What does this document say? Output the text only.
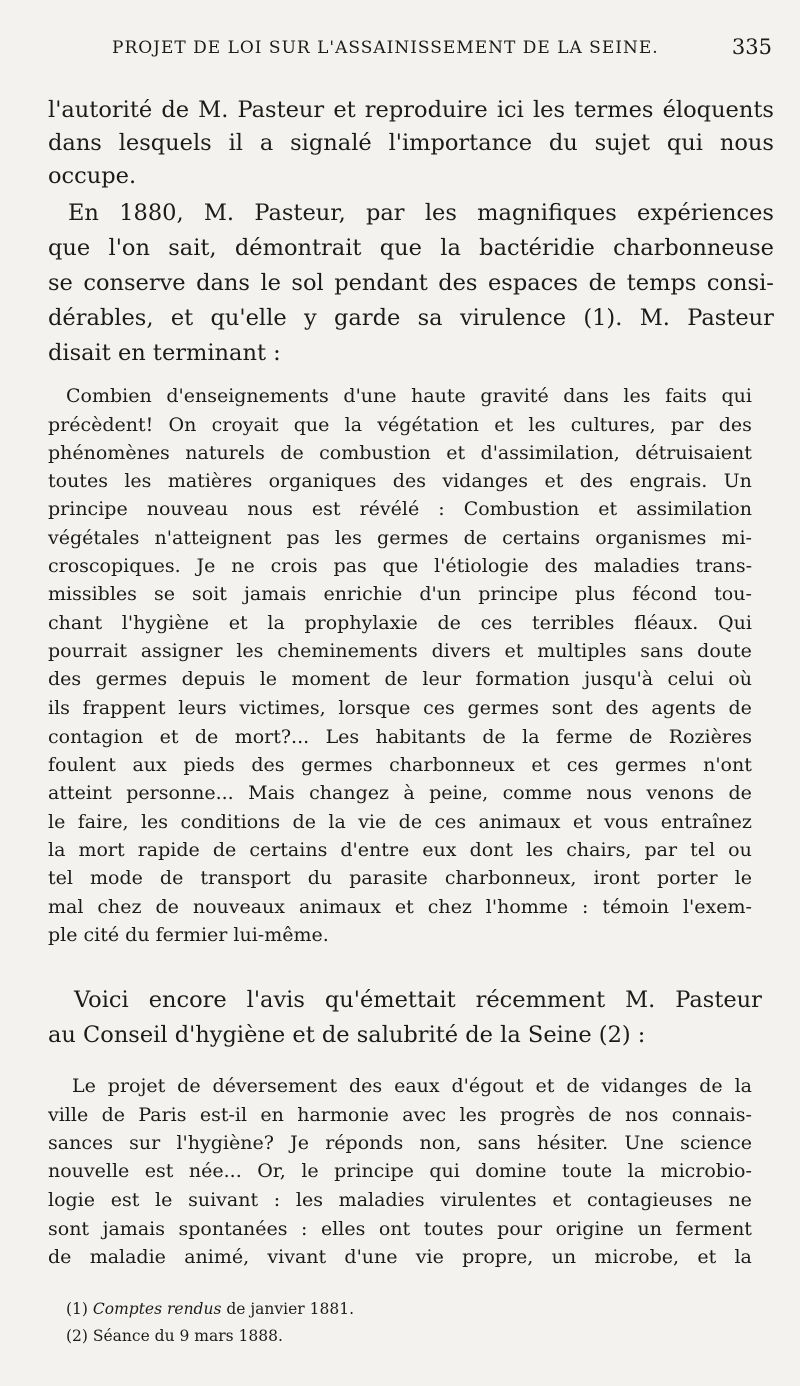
PROJET DE LOI SUR L'ASSAINISSEMENT DE LA SEINE.	335
l'autorité de M. Pasteur et reproduire ici les termes éloquents
dans lesquels il a signalé l'importance du sujet qui nous
occupe.
En 1880, M. Pasteur, par les magnifiques expériences
que l'on sait, démontrait que la bactéridie charbonneuse
se conserve dans le sol pendant des espaces de temps consi-
dérables, et qu'elle y garde sa virulence (1). M. Pasteur
disait en terminant :
Combien d'enseignements d'une haute gravité dans les faits qui
précèdent! On croyait que la végétation et les cultures, par des
phénomènes naturels de combustion et d'assimilation, détruisaient
toutes les matières organiques des vidanges et des engrais. Un
principe nouveau nous est révélé : Combustion et assimilation
végétales n'atteignent pas les germes de certains organismes mi-
croscopiques. Je ne crois pas que l'étiologie des maladies trans-
missibles se soit jamais enrichie d'un principe plus fécond tou-
chant l'hygiène et la prophylaxie de ces terribles fléaux. Qui
pourrait assigner les cheminements divers et multiples sans doute
des germes depuis le moment de leur formation jusqu'à celui où
ils frappent leurs victimes, lorsque ces germes sont des agents de
contagion et de mort?... Les habitants de la ferme de Rozières
foulent aux pieds des germes charbonneux et ces germes n'ont
atteint personne... Mais changez à peine, comme nous venons de
le faire, les conditions de la vie de ces animaux et vous entraînez
la mort rapide de certains d'entre eux dont les chairs, par tel ou
tel mode de transport du parasite charbonneux, iront porter le
mal chez de nouveaux animaux et chez l'homme : témoin l'exem-
ple cité du fermier lui-même.
Voici encore l'avis qu'émettait récemment M. Pasteur
au Conseil d'hygiène et de salubrité de la Seine (2) :
Le projet de déversement des eaux d'égout et de vidanges de la
ville de Paris est-il en harmonie avec les progrès de nos connais-
sances sur l'hygiène? Je réponds non, sans hésiter. Une science
nouvelle est née... Or, le principe qui domine toute la microbio-
logie est le suivant : les maladies virulentes et contagieuses ne
sont jamais spontanées : elles ont toutes pour origine un ferment
de maladie animé, vivant d'une vie propre, un microbe, et la
(1) Comptes rendus de janvier 1881.
(2) Séance du 9 mars 1888.
